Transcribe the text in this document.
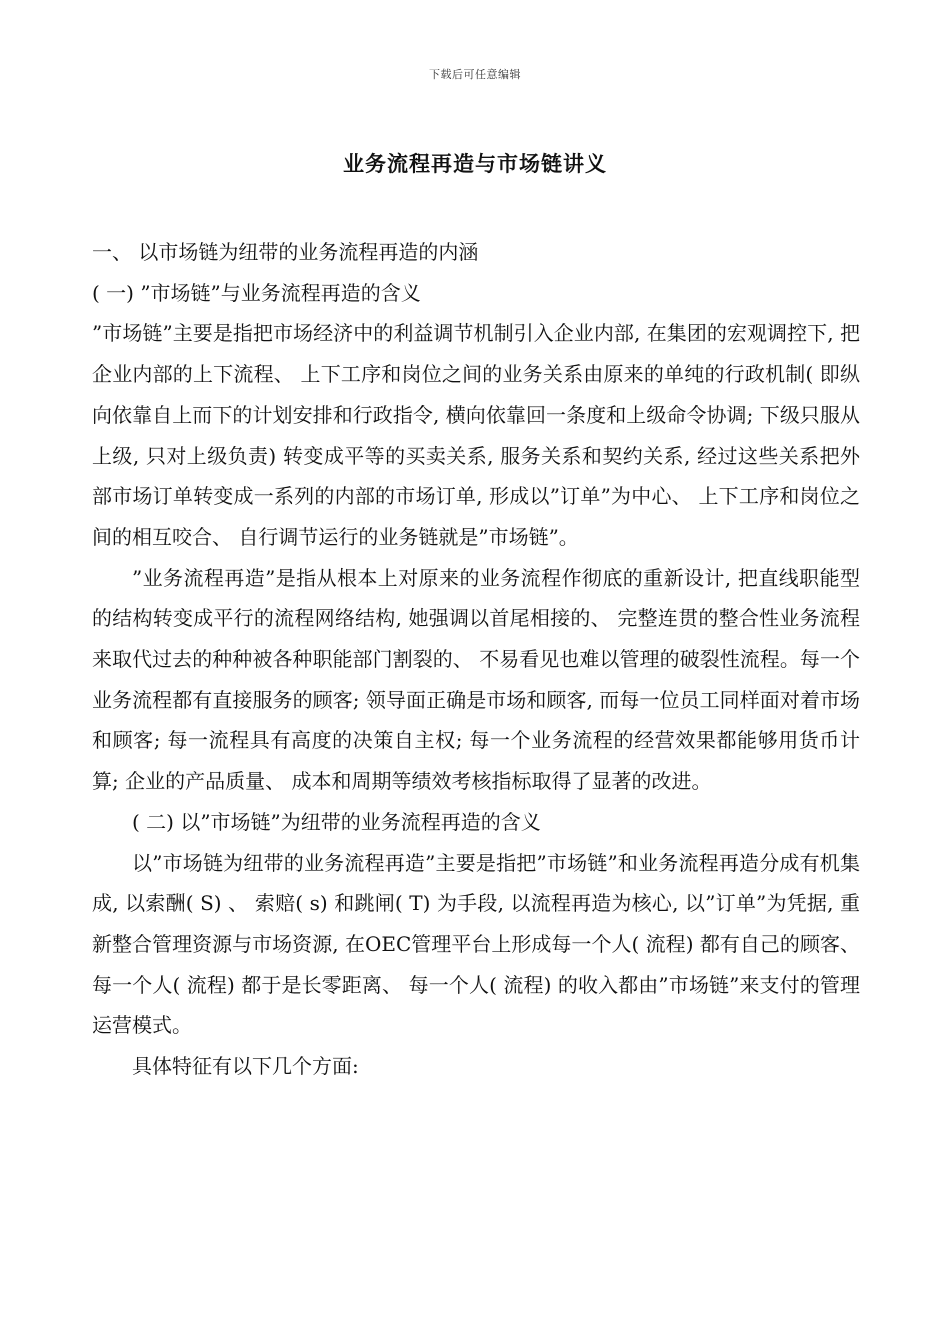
下载后可任意编辑
业务流程再造与市场链讲义

一、 以市场链为纽带的业务流程再造的内涵

( 一) ”市场链”与业务流程再造的含义

”市场链”主要是指把市场经济中的利益调节机制引入企业内部, 在集团的宏观调控下, 把企业内部的上下流程、 上下工序和岗位之间的业务关系由原来的单纯的行政机制( 即纵向依靠自上而下的计划安排和行政指令, 横向依靠回一条度和上级命令协调; 下级只服从上级, 只对上级负责) 转变成平等的买卖关系, 服务关系和契约关系, 经过这些关系把外部市场订单转变成一系列的内部的市场订单, 形成以”订单”为中心、 上下工序和岗位之间的相互咬合、 自行调节运行的业务链就是”市场链”。

”业务流程再造”是指从根本上对原来的业务流程作彻底的重新设计, 把直线职能型的结构转变成平行的流程网络结构, 她强调以首尾相接的、 完整连贯的整合性业务流程来取代过去的种种被各种职能部门割裂的、 不易看见也难以管理的破裂性流程。每一个业务流程都有直接服务的顾客; 领导面正确是市场和顾客, 而每一位员工同样面对着市场和顾客; 每一流程具有高度的决策自主权; 每一个业务流程的经营效果都能够用货币计算; 企业的产品质量、 成本和周期等绩效考核指标取得了显著的改进。

( 二) 以”市场链”为纽带的业务流程再造的含义

以”市场链为纽带的业务流程再造”主要是指把”市场链”和业务流程再造分成有机集成, 以索酬( S) 、 索赔( s) 和跳闸( T) 为手段, 以流程再造为核心, 以”订单”为凭据, 重新整合管理资源与市场资源, 在OEC管理平台上形成每一个人( 流程) 都有自己的顾客、 每一个人( 流程) 都于是长零距离、 每一个人( 流程) 的收入都由”市场链”来支付的管理运营模式。

具体特征有以下几个方面:
